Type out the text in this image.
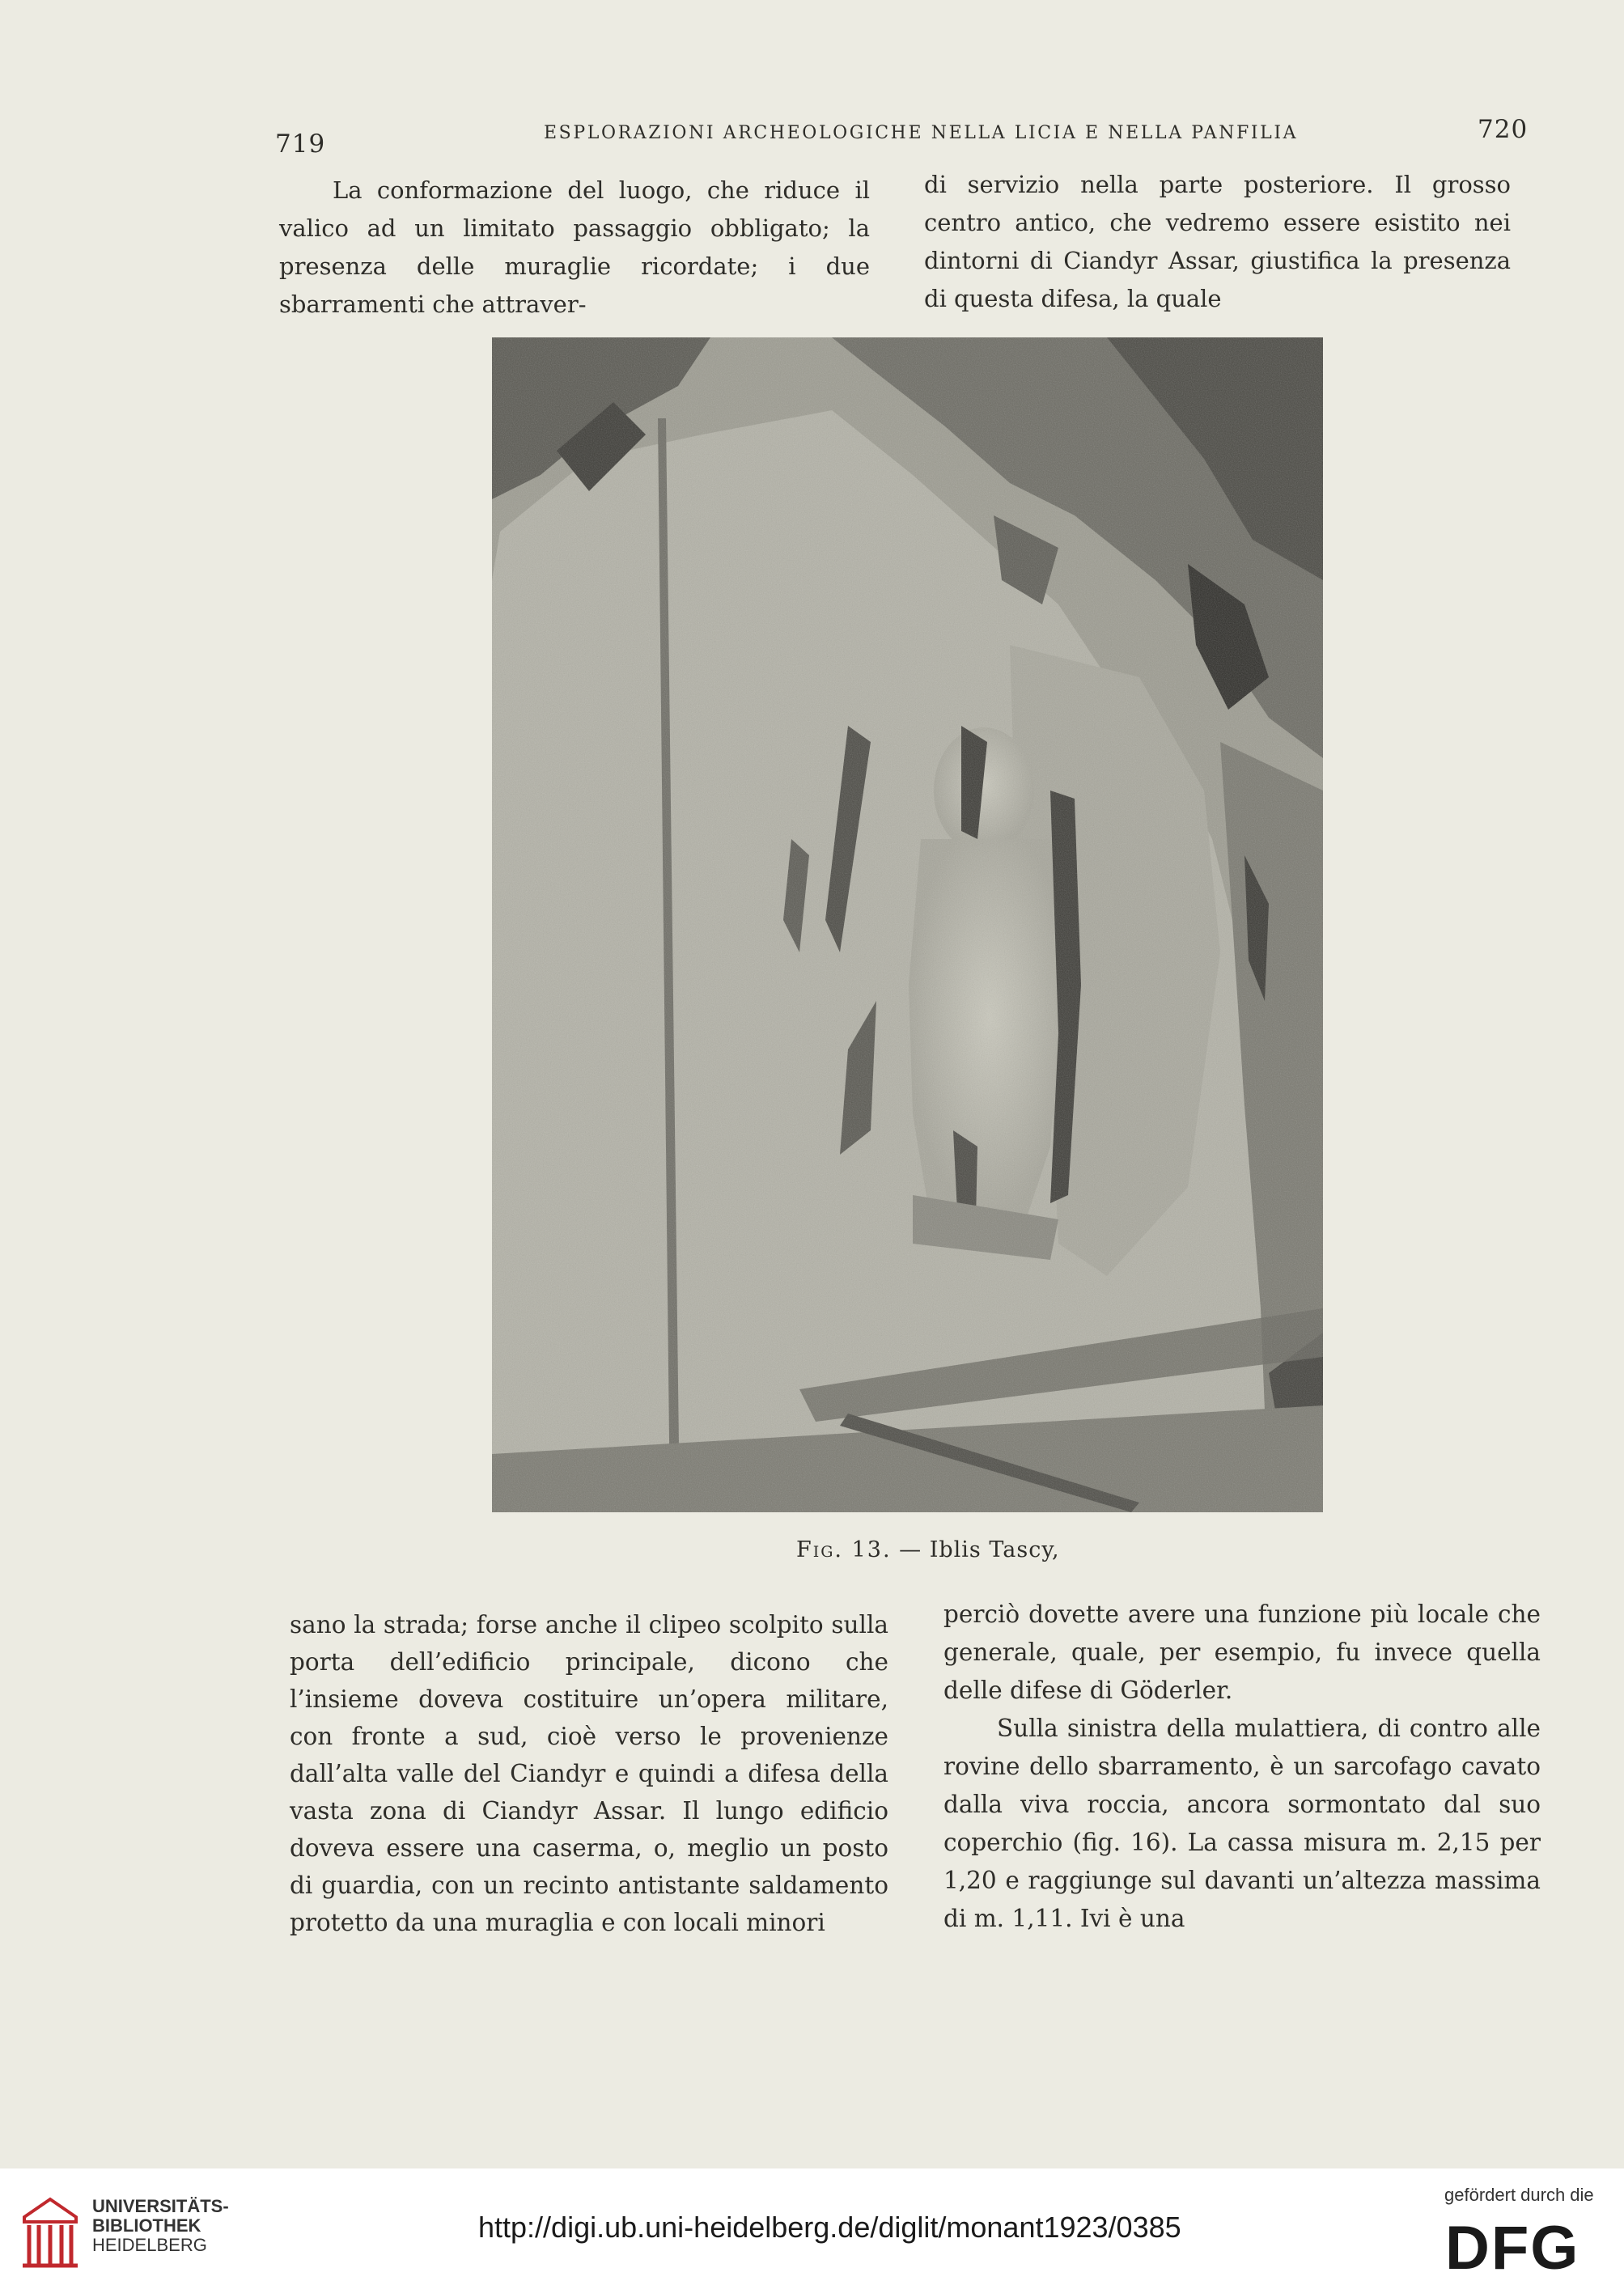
719	ESPLORAZIONI ARCHEOLOGICHE NELLA LICIA E NELLA PANFILIA	720

La conformazione del luogo, che riduce il valico ad un limitato passaggio obbligato; la presenza delle muraglie ricordate; i due sbarramenti che attraver-

di servizio nella parte posteriore. Il grosso centro antico, che vedremo essere esistito nei dintorni di Ciandyr Assar, giustifica la presenza di questa difesa, la quale

Fig. 13. — Iblis Tascy,

sano la strada; forse anche il clipeo scolpito sulla porta dell’edificio principale, dicono che l’insieme doveva costituire un’opera militare, con fronte a sud, cioè verso le provenienze dall’alta valle del Ciandyr e quindi a difesa della vasta zona di Ciandyr Assar. Il lungo edificio doveva essere una caserma, o, meglio un posto di guardia, con un recinto antistante saldamento protetto da una muraglia e con locali minori

perciò dovette avere una funzione più locale che generale, quale, per esempio, fu invece quella delle difese di Göderler.

Sulla sinistra della mulattiera, di contro alle rovine dello sbarramento, è un sarcofago cavato dalla viva roccia, ancora sormontato dal suo coperchio (fig. 16). La cassa misura m. 2,15 per 1,20 e raggiunge sul davanti un’altezza massima di m. 1,11. Ivi è una

UNIVERSITÄTS-
BIBLIOTHEK
HEIDELBERG
http://digi.ub.uni-heidelberg.de/diglit/monant1923/0385
gefördert durch die
DFG
